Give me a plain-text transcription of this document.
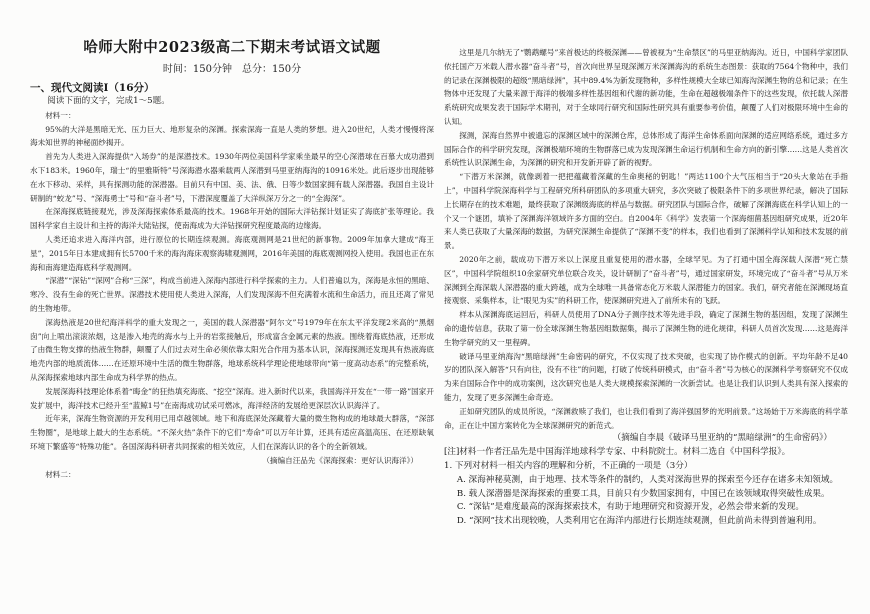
哈师大附中2023级高二下期末考试语文试题
时间：150分钟　总分：150分
一、现代文阅读Ⅰ（16分）

阅读下面的文字，完成1～5题。

材料一：

95%的大洋是黑暗无光、压力巨大、地形复杂的深渊。探索深海一直是人类的梦想。进入20世纪，人类才慢慢将深海未知世界的神秘面纱揭开。

首先为人类进入深海提供“入场券”的是深潜技术。1930年两位美国科学家乘坐最早的空心深潜球在百慕大成功潜到水下183米。1960年，瑞士“的里雅斯特”号深海潜水器乘载两人深潜到马里亚纳海沟的10916米处。此后逐步出现能够在水下移动、采样，具有探测功能的深潜器。目前只有中国、美、法、俄、日等少数国家拥有载人深潜器。我国自主设计研制的“蛟龙”号、“深海勇士”号和“奋斗者”号，下潜深度覆盖了大洋纵深万分之一的“全海深”。

在深海探底链接观光，涉及深海探索体系最高的技术。1968年开始的国际大洋钻探计划证实了海底扩张等理论。我国科学家自主设计和主持的海洋大陆钻探，使南海成为大洋钻探研究程度最高的边缘海。

人类还追求进入海洋内部，进行原位的长期连续观测。海底观测网是21世纪的新事物。2009年加拿大建成“海王星”，2015年日本建成拥有长5700千米的海沟海床观察海啸观测网，2016年美国的海底观测网投入使用。我国也正在东海和南海建造海底科学观测网。

“深潜”“深钻”“深网”合称“三深”，构成当前进入深海内部进行科学探索的主力。人们普遍以为，深海是永恒的黑暗、寒冷、没有生命的死亡世界。深潜技术使用使人类进入深海，人们发现深海不但充满着水流和生命活力，而且还离了常见的生物地带。

深海热液是20世纪海洋科学的重大发现之一，美国的载人深潜器“阿尔文”号1979年在东太平洋发现2米高的“黑烟囱”向上喷出滚滚浓烟，这是渗入地壳的海水与上升的岩浆接触后，形成富含金属元素的热液。围绕着海底热液，还形成了由微生物支撑的热液生物群，颠覆了人们过去对生命必须依靠太阳光合作用为基本认识，深海探测还发现具有热液海底地壳内部的地质流体……在还原环境中生活的微生物群落，地球系统科学理论使地球带向“第一度高动态系”的完整系统，从深海探索地球内部生命成为科学界的热点。

发展深海科技理论体系着“晦金”的狂热填充海底、“挖空”深海。进入新时代以来，我国海洋开发在“一带一路”国家开发扩展中，海洋技术已经升至“蓝鲸1号”在南海成功试采可燃冰，海洋经济的发展给更深层次认识海洋了。

近年来，深海生物资源的开发利用已用卓越领域。地下和海底深处深藏着大量的微生物构成的地球最大群落，“深部生物圈”，是地球上最大的生态系统。“不深火热”条件下的它们“寿命”可以万年计算，还具有适应高温高压、在还原缺氧环境下繁盛等“特殊功能”。各国深海科研者共同探索的相关效应，人们在深海认识的各个的全新领域。

（摘编自汪品先《深海探索：更好认识海洋》）

材料二：

这里是几尔纳无了“鹦鹉螺号”来首极达的终极深渊——曾被视为“生命禁区”的马里亚纳海沟。近日，中国科学家团队依托国产万米载人潜水器“奋斗者”号，首次向世界呈现深渊万米深渊海沟的系统生态图景：获取的7564个物种中，我们的记录在深渊极限的超级“黑暗绿洲”，其中89.4%为新发现物种，多样性规模大全球已知海沟深渊生物的总和记录；在生物体中还发现了大量来源于海洋的极端多样性基因组和代谢的新功能，生命在超越极端条件下的这些发现，依托载人深潜系统研究成果发表于国际学术期刊，对于全球同行研究和国际性研究具有重要参考价值，颠覆了人们对极限环境中生命的认知。

探测，深海自然界中被遗忘的深渊区域中的深渊仓库，总体形成了海洋生命体系面向深渊的适应网络系统，通过多方国际合作的科学研究发现，深渊极端环境的生物群落已成为发现深渊生命运行机制和生命方向的新引擎……这是人类首次系统性认识深渊生命，为深渊的研究和开发新开辟了新的视野。

“下潜万米深渊，就像剥着一把把蕴藏着深藏的生命奥秘的钥匙！”两达1100个大气压相当于“20头大象站在手指上”，中国科学院深海科学与工程研究所科研团队的多项重大研究，多次突破了极限条件下的多项世界纪录，解决了国际上长期存在的技术难题，最终获取了深渊级海底的样品与数据。研究团队与国际合作，破解了深渊海底在科学认知上的一个又一个谜团，填补了深渊海洋领域许多方面的空白。自2004年《科学》发表第一个深海细菌基因组研究成果，近20年来人类已获取了大量深海的数据，为研究深渊生命提供了“深渊不变”的样本，我们也看到了深渊科学认知和技术发展的前景。

2020年之前，载成功下潜万米以上深度且重复使用的潜水器，全球罕见。为了打通中国全海深载人深潜“死亡禁区”，中国科学院组织10余家研究单位联合攻关，设计研制了“奋斗者”号，通过国家研发，环境完成了“奋斗者”号从万米深渊到全海深载人深潜器的重大跨越，成为全球唯一具备常态化万米载人深潜能力的国家。我们，研究者能在深渊现场直接观察、采集样本，让“眼见为实”的科研工作，使深渊研究进入了前所未有的飞跃。

样本从深渊海底运回后，科研人员使用了DNA分子测序技术等先进手段，确定了深渊生物的基因组，发现了深渊生命的遗传信息，获取了第一份全球深渊生物基因组数据集，揭示了深渊生物的进化规律，科研人员首次发现……这是海洋生物学研究的又一里程碑。

破译马里亚纳海沟“黑暗绿洲”生命密码的研究，不仅实现了技术突破，也实现了协作模式的创新。平均年龄不足40岁的团队深入解答“只有向往，没有不往”的问题，打破了传统科研模式，由“奋斗者”号为核心的深渊科学考察研究不仅成为来自国际合作中的成功案例，这次研究也是人类大规模探索深渊的一次新尝试。也是让我们认识到人类具有深入探索的能力，发现了更多深渊生命奇迹。

正如研究团队的成员所说，“深渊救赎了我们，也让我们看到了海洋强国梦的光明前景。”这场始于万米海底的科学革命，正在让中国方案转化为全球深渊研究的新范式。

（摘编自李晨《破译马里亚纳的“黑暗绿洲”的生命密码》）

[注]材料一作者汪品先是中国海洋地球科学专家、中科院院士。材料二选自《中国科学报》。

1. 下列对材料一相关内容的理解和分析，不正确的一项是（3分）

A. 深海神秘莫测，由于地理、技术等条件的制约，人类对深海世界的探索至今还存在诸多未知领域。

B. 载人深潜器是深海探索的重要工具，目前只有少数国家拥有，中国已在该领域取得突破性成果。

C. “深钻”是难度最高的深海探索技术，有助于地理研究和资源开发，必然会带来新的发现。

D. “深网”技术出现较晚，人类利用它在海洋内部进行长期连续观测，但此前尚未得到普遍利用。
